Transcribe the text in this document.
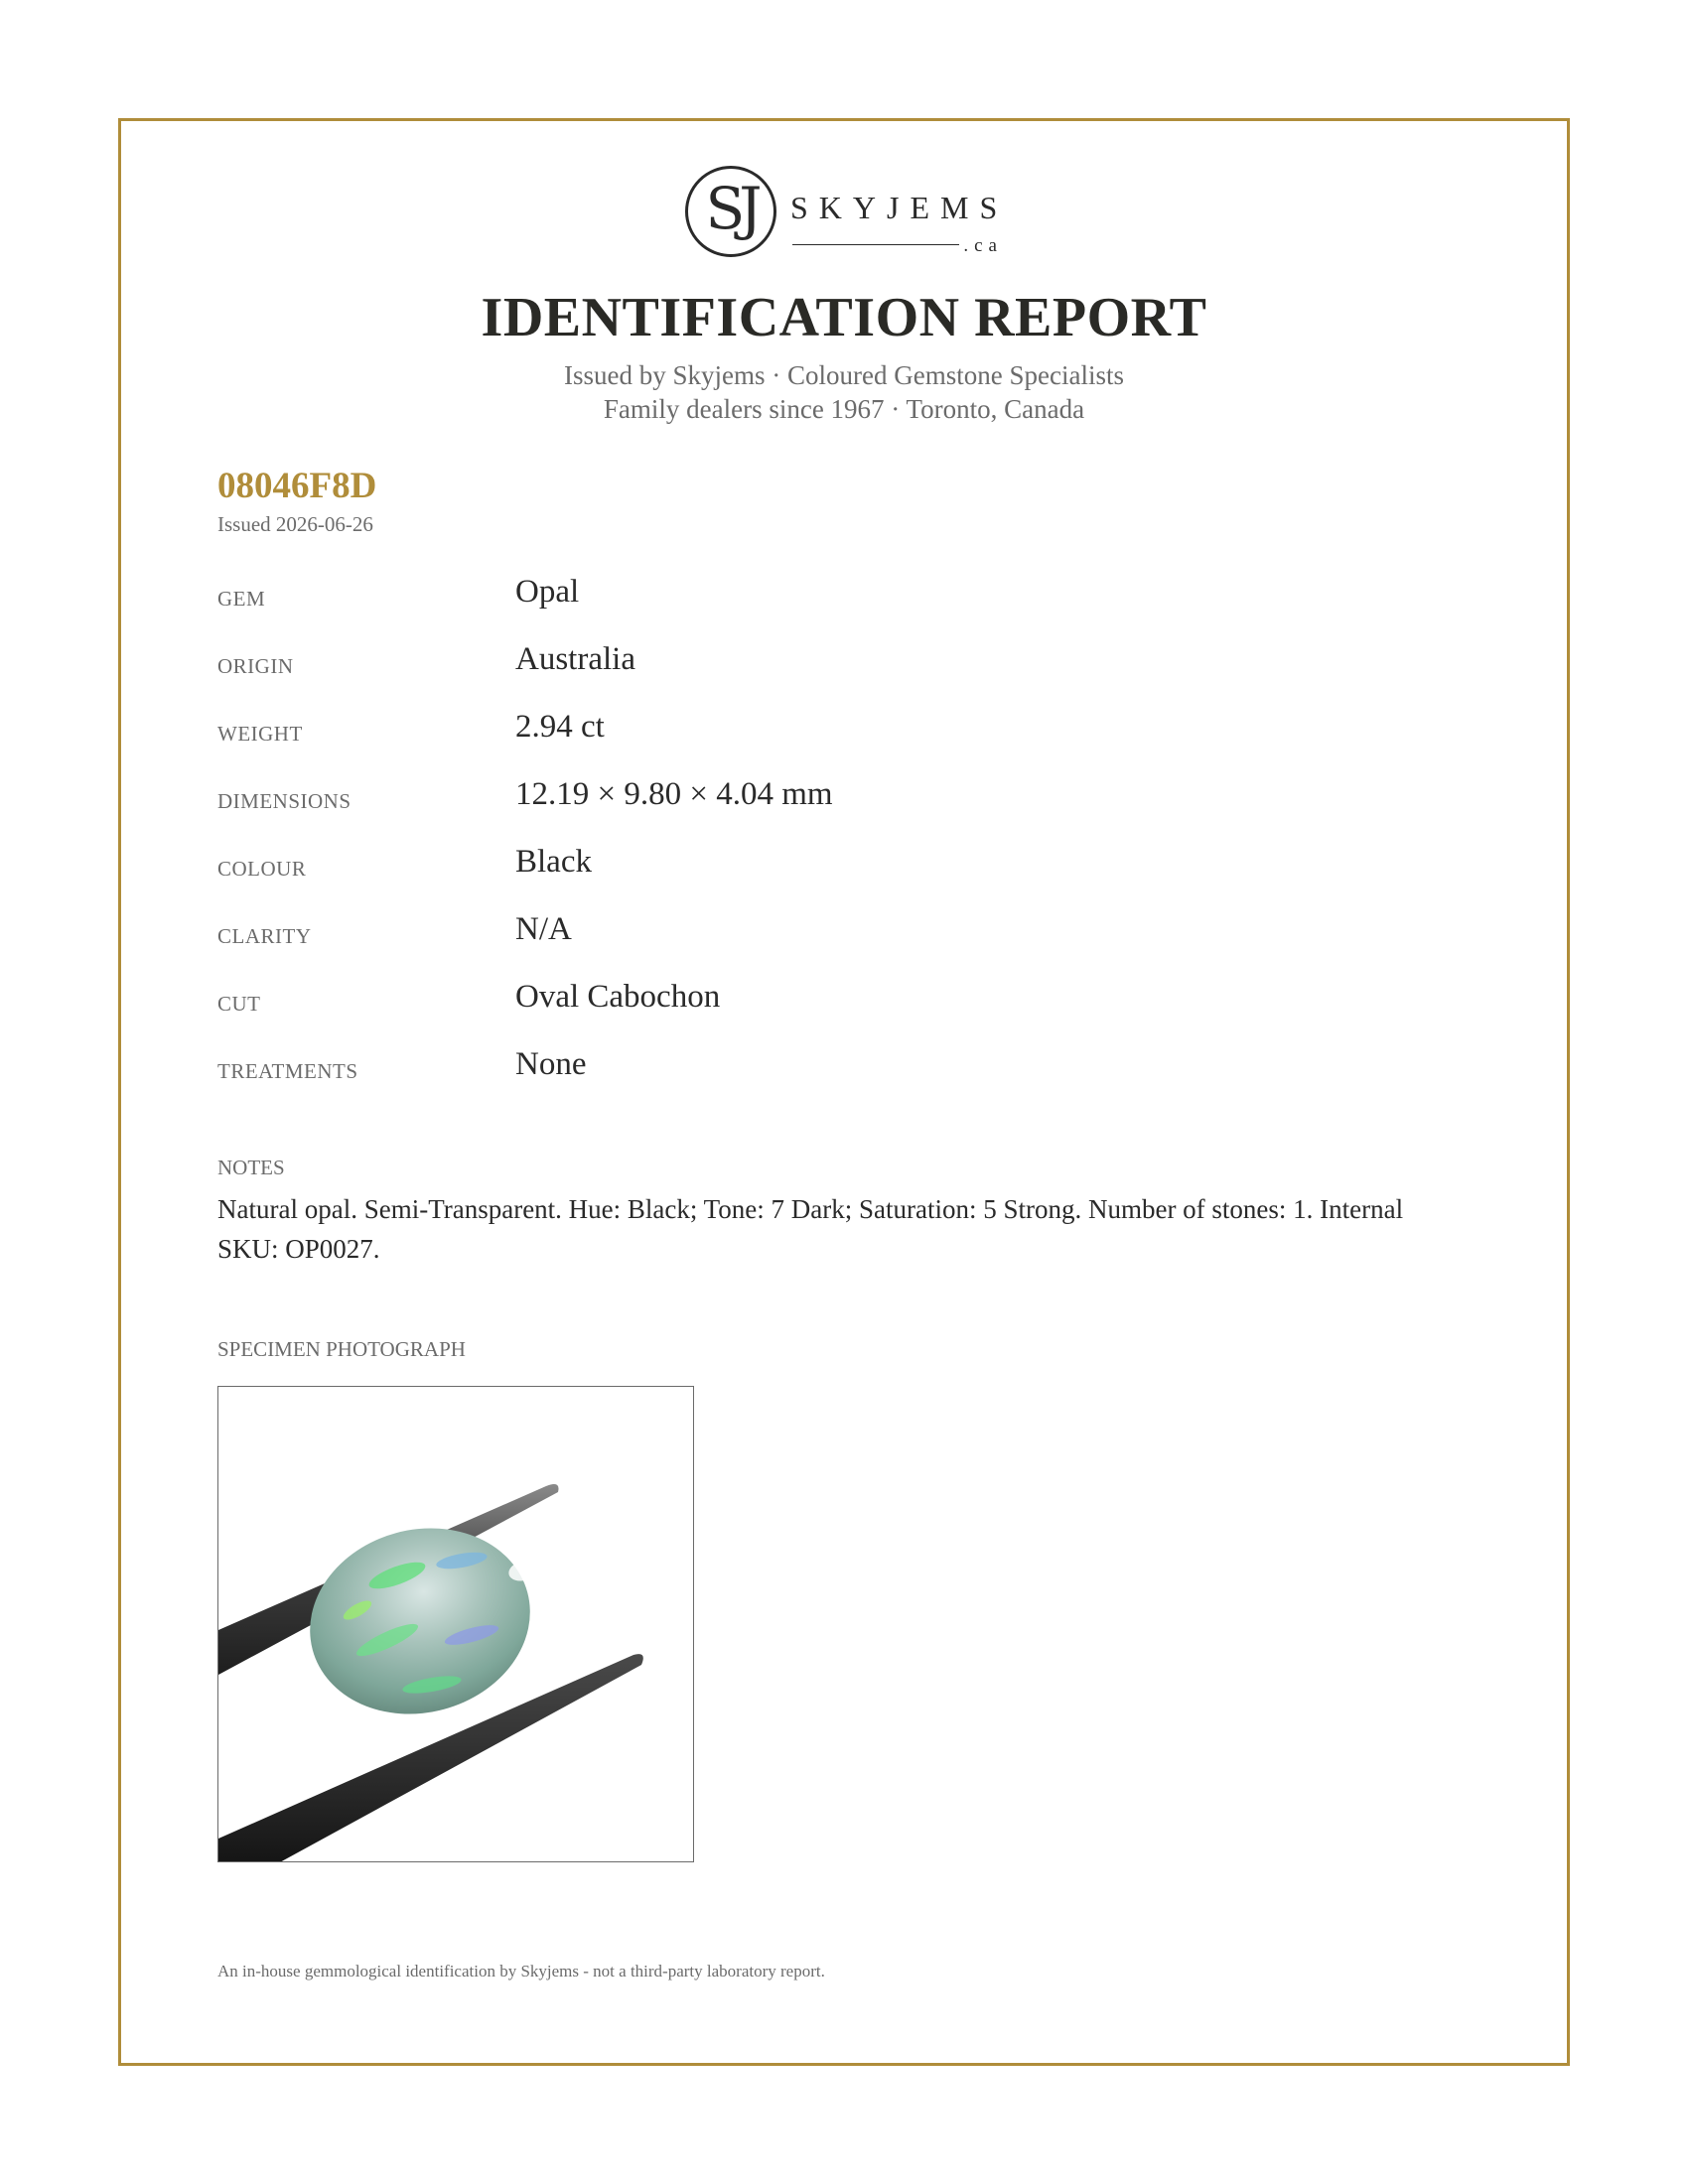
SJ	SKYJEMS
.ca
IDENTIFICATION REPORT
Issued by Skyjems · Coloured Gemstone Specialists
Family dealers since 1967 · Toronto, Canada
08046F8D
Issued 2026-06-26
GEM	Opal
ORIGIN	Australia
WEIGHT	2.94 ct
DIMENSIONS	12.19 × 9.80 × 4.04 mm
COLOUR	Black
CLARITY	N/A
CUT	Oval Cabochon
TREATMENTS	None
NOTES
Natural opal. Semi-Transparent. Hue: Black; Tone: 7 Dark; Saturation: 5 Strong. Number of stones: 1. Internal SKU: OP0027.
SPECIMEN PHOTOGRAPH
An in-house gemmological identification by Skyjems - not a third-party laboratory report.
